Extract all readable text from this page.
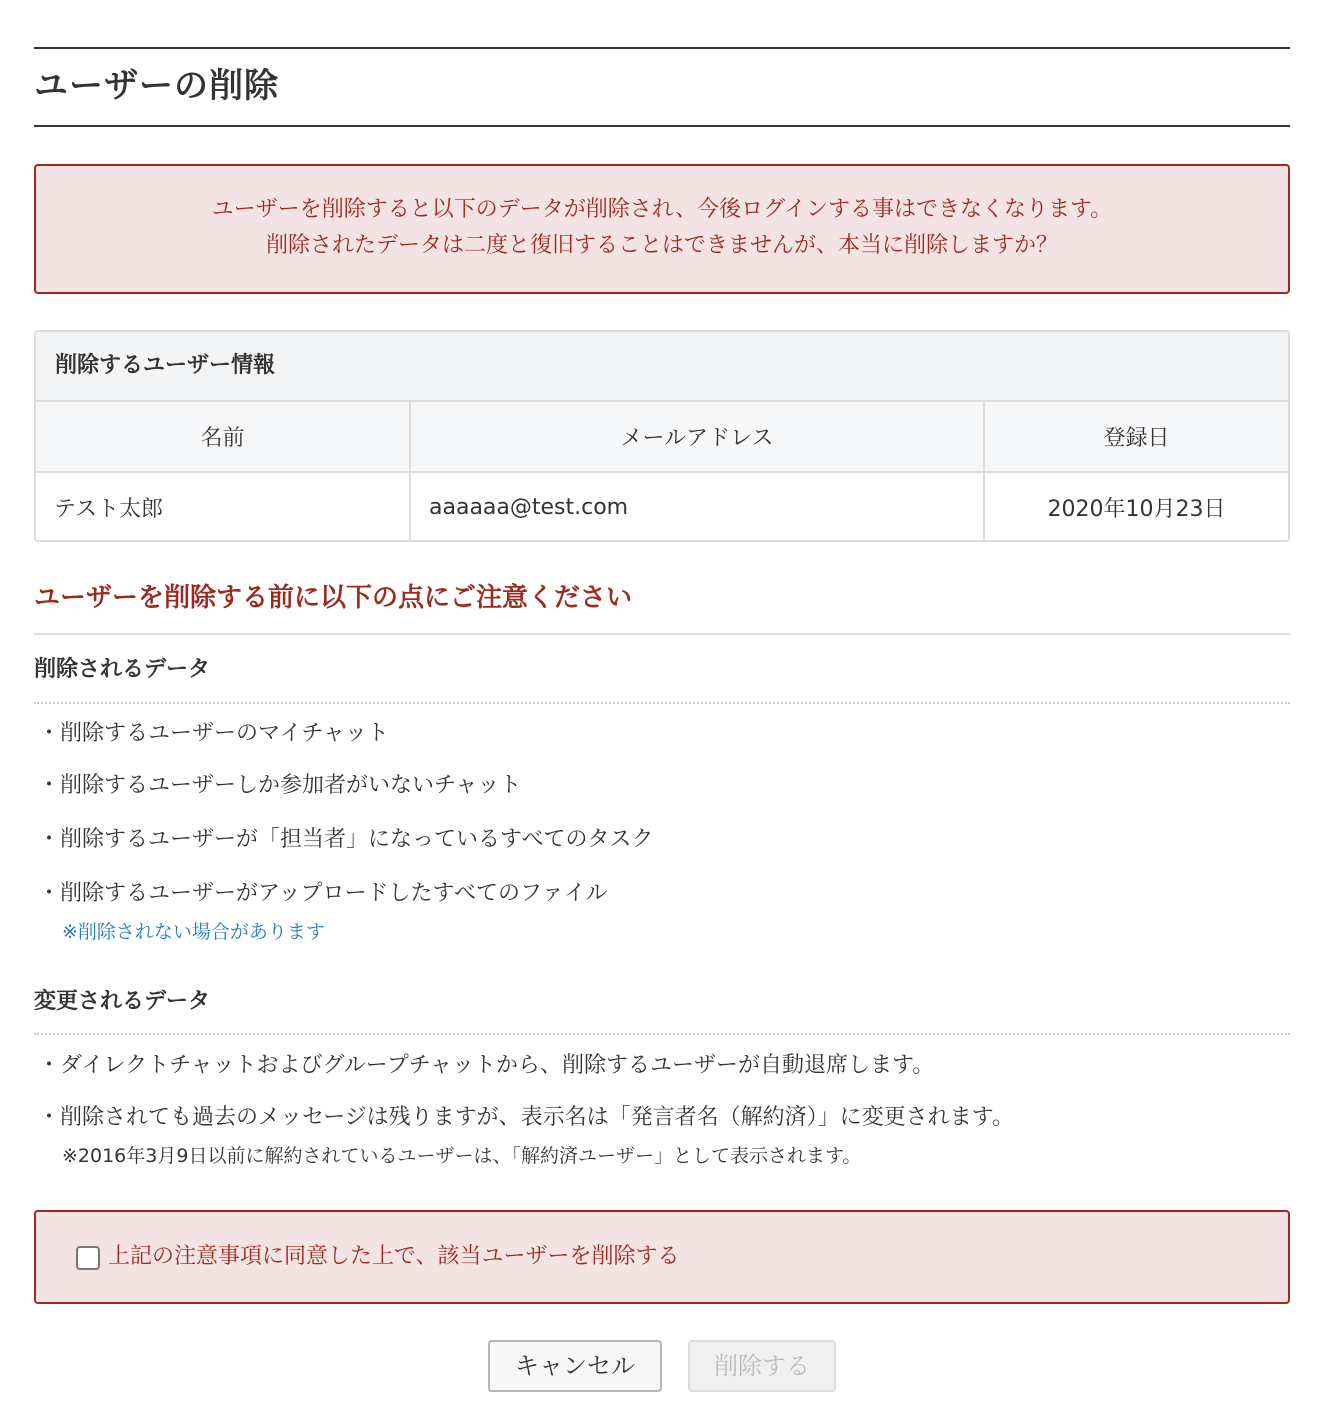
ユーザーの削除
ユーザーを削除すると以下のデータが削除され、今後ログインする事はできなくなります。
削除されたデータは二度と復旧することはできませんが、本当に削除しますか？
削除するユーザー情報
名前	メールアドレス	登録日
テスト太郎	aaaaaa@test.com	2020年10月23日
ユーザーを削除する前に以下の点にご注意ください
削除されるデータ
・削除するユーザーのマイチャット
・削除するユーザーしか参加者がいないチャット
・削除するユーザーが「担当者」になっているすべてのタスク
・削除するユーザーがアップロードしたすべてのファイル
※削除されない場合があります
変更されるデータ
・ダイレクトチャットおよびグループチャットから、削除するユーザーが自動退席します。
・削除されても過去のメッセージは残りますが、表示名は「発言者名（解約済）」に変更されます。
※2016年3月9日以前に解約されているユーザーは、「解約済ユーザー」として表示されます。
上記の注意事項に同意した上で、該当ユーザーを削除する
キャンセル	削除する
